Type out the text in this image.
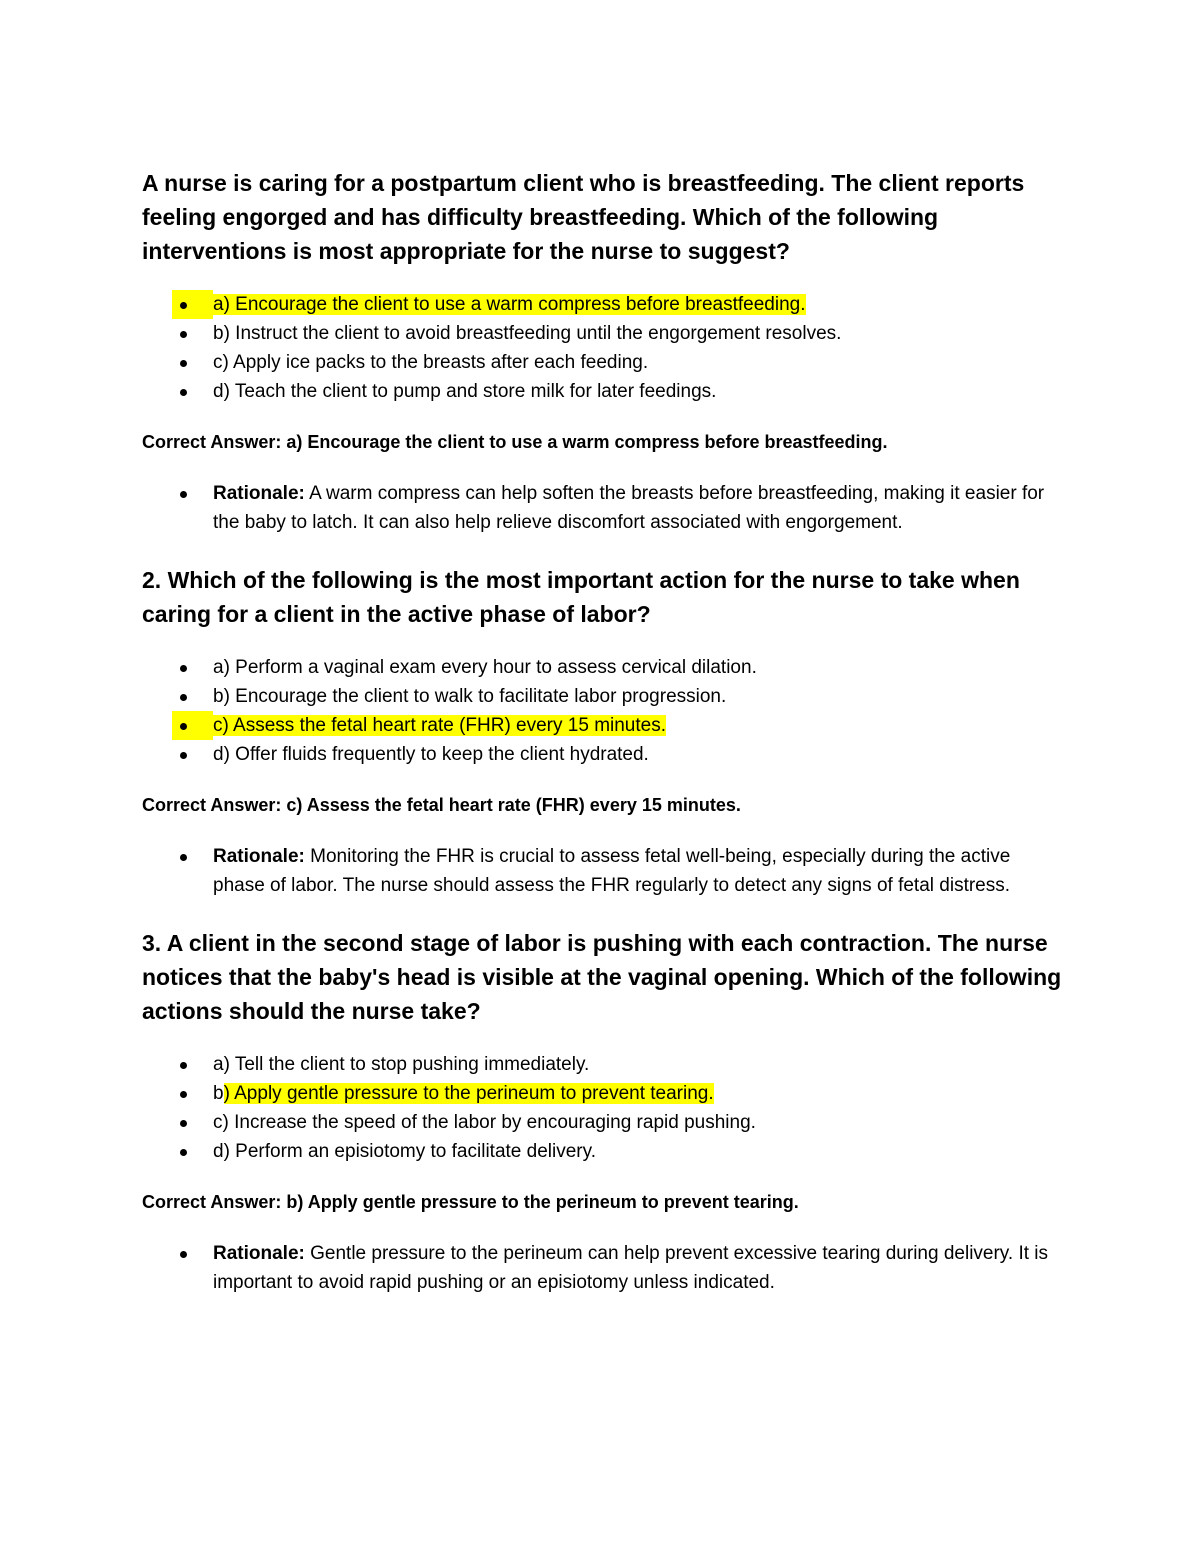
A nurse is caring for a postpartum client who is breastfeeding. The client reports feeling engorged and has difficulty breastfeeding. Which of the following interventions is most appropriate for the nurse to suggest?

a) Encourage the client to use a warm compress before breastfeeding.
b) Instruct the client to avoid breastfeeding until the engorgement resolves.
c) Apply ice packs to the breasts after each feeding.
d) Teach the client to pump and store milk for later feedings.

Correct Answer: a) Encourage the client to use a warm compress before breastfeeding.

Rationale: A warm compress can help soften the breasts before breastfeeding, making it easier for the baby to latch. It can also help relieve discomfort associated with engorgement.

2. Which of the following is the most important action for the nurse to take when caring for a client in the active phase of labor?

a) Perform a vaginal exam every hour to assess cervical dilation.
b) Encourage the client to walk to facilitate labor progression.
c) Assess the fetal heart rate (FHR) every 15 minutes.
d) Offer fluids frequently to keep the client hydrated.

Correct Answer: c) Assess the fetal heart rate (FHR) every 15 minutes.

Rationale: Monitoring the FHR is crucial to assess fetal well-being, especially during the active phase of labor. The nurse should assess the FHR regularly to detect any signs of fetal distress.

3. A client in the second stage of labor is pushing with each contraction. The nurse notices that the baby's head is visible at the vaginal opening. Which of the following actions should the nurse take?

a) Tell the client to stop pushing immediately.
b) Apply gentle pressure to the perineum to prevent tearing.
c) Increase the speed of the labor by encouraging rapid pushing.
d) Perform an episiotomy to facilitate delivery.

Correct Answer: b) Apply gentle pressure to the perineum to prevent tearing.

Rationale: Gentle pressure to the perineum can help prevent excessive tearing during delivery. It is important to avoid rapid pushing or an episiotomy unless indicated.
